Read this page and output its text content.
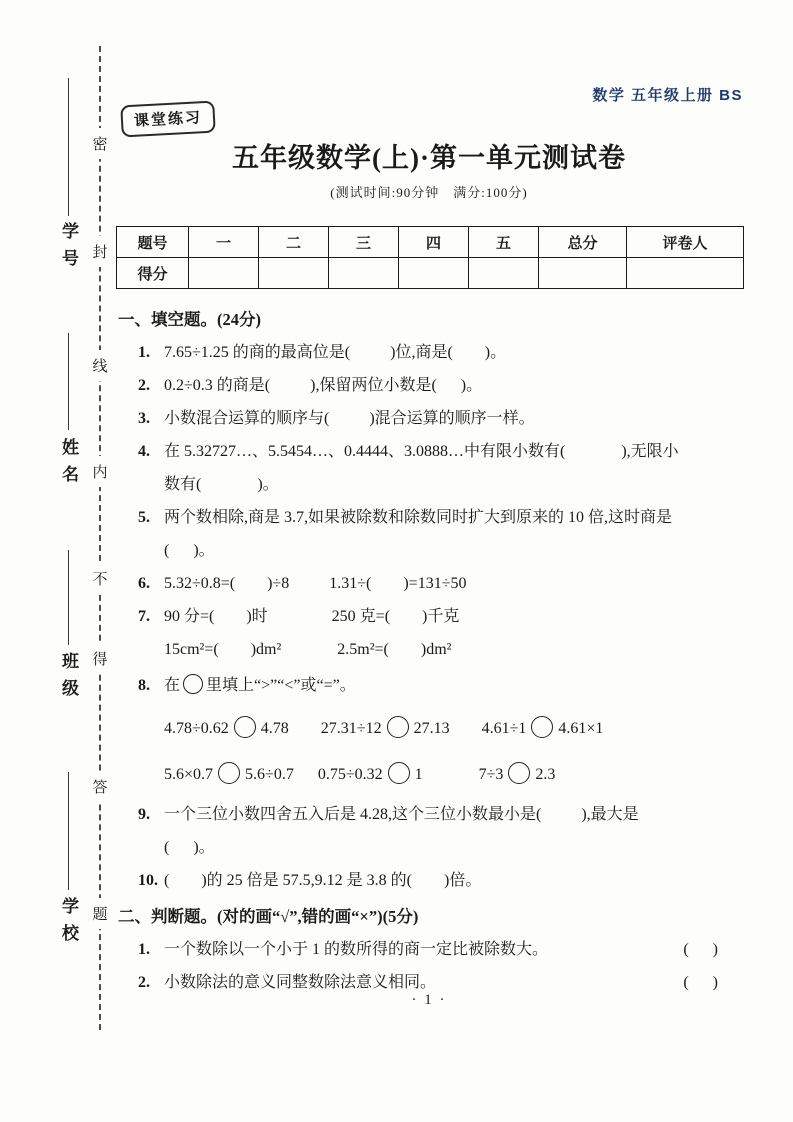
数学 五年级上册 BS
课堂练习
五年级数学(上)·第一单元测试卷
(测试时间:90分钟　满分:100分)
题号	一	二	三	四	五	总分	评卷人
得分							
一、填空题。(24分)
1. 7.65÷1.25 的商的最高位是(          )位,商是(        )。
2. 0.2÷0.3 的商是(          ),保留两位小数是(      )。
3. 小数混合运算的顺序与(          )混合运算的顺序一样。
4. 在 5.32727…、5.5454…、0.4444、3.0888…中有限小数有(              ),无限小
数有(              )。
5. 两个数相除,商是 3.7,如果被除数和除数同时扩大到原来的 10 倍,这时商是
(      )。
6. 5.32÷0.8=(        )÷8          1.31÷(        )=131÷50
7. 90 分=(        )时                250 克=(        )千克
15cm²=(        )dm²              2.5m²=(        )dm²
8. 在 里填上“>”“<”或“=”。
4.78÷0.62 4.78        27.31÷12 27.13        4.61÷1 4.61×1
5.6×0.7 5.6÷0.7      0.75÷0.32 1              7÷3 2.3
9. 一个三位小数四舍五入后是 4.28,这个三位小数最小是(          ),最大是
(      )。
10. (        )的 25 倍是 57.5,9.12 是 3.8 的(        )倍。
二、判断题。(对的画“√”,错的画“×”)(5分)
1. 一个数除以一个小于 1 的数所得的商一定比被除数大。	(      )
2. 小数除法的意义同整数除法意义相同。	(      )
密
封
线
内
不
得
答
题
学号
姓名
班级
学校
· 1 ·
